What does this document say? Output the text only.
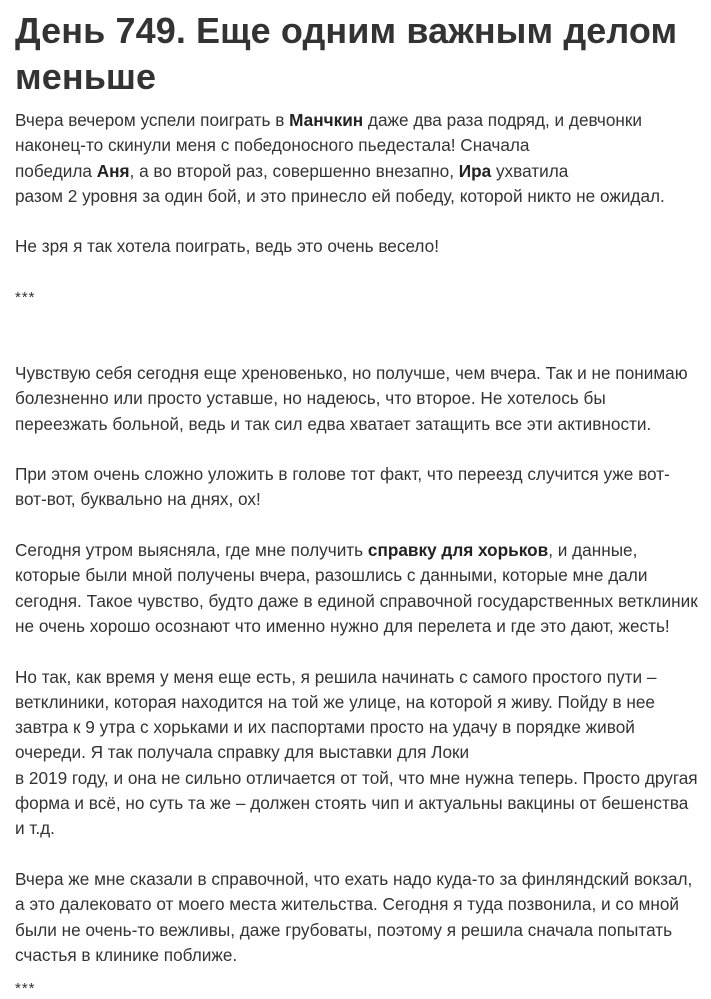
День 749. Еще одним важным делом меньше

Вчера вечером успели поиграть в Манчкин даже два раза подряд, и девчонки наконец-то скинули меня с победоносного пьедестала! Сначала
победила Аня, а во второй раз, совершенно внезапно, Ира ухватила
разом 2 уровня за один бой, и это принесло ей победу, которой никто не ожидал.

Не зря я так хотела поиграть, ведь это очень весело!

***

Чувствую себя сегодня еще хреновенько, но получше, чем вчера. Так и не понимаю болезненно или просто уставше, но надеюсь, что второе. Не хотелось бы переезжать больной, ведь и так сил едва хватает затащить все эти активности.

При этом очень сложно уложить в голове тот факт, что переезд случится уже вот-вот-вот, буквально на днях, ох!

Сегодня утром выясняла, где мне получить справку для хорьков, и данные, которые были мной получены вчера, разошлись с данными, которые мне дали сегодня. Такое чувство, будто даже в единой справочной государственных ветклиник не очень хорошо осознают что именно нужно для перелета и где это дают, жесть!

Но так, как время у меня еще есть, я решила начинать с самого простого пути – ветклиники, которая находится на той же улице, на которой я живу. Пойду в нее завтра к 9 утра с хорьками и их паспортами просто на удачу в порядке живой очереди. Я так получала справку для выставки для Локи
в 2019 году, и она не сильно отличается от той, что мне нужна теперь. Просто другая форма и всё, но суть та же – должен стоять чип и актуальны вакцины от бешенства и т.д.

Вчера же мне сказали в справочной, что ехать надо куда-то за финляндский вокзал, а это далековато от моего места жительства. Сегодня я туда позвонила, и со мной были не очень-то вежливы, даже грубоваты, поэтому я решила сначала попытать счастья в клинике поближе.

***
